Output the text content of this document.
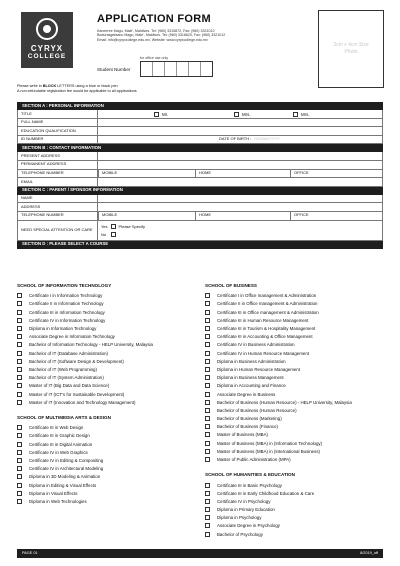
CYRYX
COLLEGE
APPLICATION FORM

Kaneeree Magu, Male', Maldives. Tel: (960) 3315872, Fax: (960) 3321012

Bodurasgefaanu Magu, Male', Maldives. Tel: (960) 3318620, Fax: (960) 3321012

Email: info@cyryxcollege.edu.mv, Website: www.cyryxcollege.edu.mv

for office use only
Student Number
3cm x 4cm Size Photo
Please write in BLOCK LETTERS using a blue or black pen
A non-refundable registration fee would be applicable to all applications
SECTION A : PERSONAL INFORMATION
TITLE	Mr.	Mrs.	Mrs.
FULL NAME
EDUCATION QUALIFICATION
ID NUMBER	DATE OF BIRTH : DD/MM/YYYY
SECTION B : CONTACT INFORMATION
PRESENT ADDRESS
PERMANENT ADDRESS
TELEPHONE NUMBER	MOBILE	HOME	OFFICE
EMAIL
SECTION C : PARENT / SPONSOR INFORMATION
NAME
ADDRESS
TELEPHONE NUMBER	MOBILE	HOME	OFFICE
NEED SPECIAL ATTENTION OR CARE
Yes	Please Specify
No
SECTION D : PLEASE SELECT A COURSE
SCHOOL OF INFORMATION TECHNOLOGY
Certificate I in Information Technology
Certificate II in Information Technology
Certificate III in Information Technology
Certificate IV in Information Technology
Diploma in Information Technology
Associate Degree in Information Technology
Bachelor of Information Technology - HELP University, Malaysia
Bachelor of IT (Database Administration)
Bachelor of IT (Software Design & Development)
Bachelor of IT (Web Programming)
Bachelor of IT (System Administration)
Master of IT (Big Data and Data Science)
Master of IT (ICT's for Sustainable Development)
Master of IT (Innovation and Technology Management)
SCHOOL OF MULTIMEDIA ARTS & DESIGN
Certificate III in Web Design
Certificate III in Graphic Design
Certificate III in Digital Animation
Certificate IV in Web Graphics
Certificate IV in Editing & Compositing
Certificate IV in Architectural Modeling
Diploma in 3D Modeling & Animation
Diploma in Editing & Visual Effects
Diploma in Visual Effects
Diploma in Web Technologies
SCHOOL OF BUSINESS
Certificate I in Office management & Administration
Certificate II in Office management & Administration
Certificate III in Office management & Administration
Certificate III in Human Resource Management
Certificate III in Tourism & Hospitality Management
Certificate III in Accounting & Office Management
Certificate IV in Business Administration
Certificate IV in Human Resource Management
Diploma in Business Administration
Diploma in Human Resource Management
Diploma in Business Management
Diploma in Accounting and Finance
Associate Degree in Business
Bachelor of Business (Human Resource) - HELP University, Malaysia
Bachelor of Business (Human Resource)
Bachelor of Business (Marketing)
Bachelor of Business (Finance)
Master of Business (MBA)
Master of Business (MBA) in (Information Technology)
Master of Business (MBA) in (International Business)
Master of Public Administration (MPA)
SCHOOL OF HUMANITIES & EDUCATION
Certificate III in Basic Psychology
Certificate III in Early Childhood Education & Care
Certificate IV in Psychology
Diploma in Primary Education
Diploma in Psychology
Associate Degree in Psychology
Bachelor of Psychology
PAGE 01	8/2019_off
